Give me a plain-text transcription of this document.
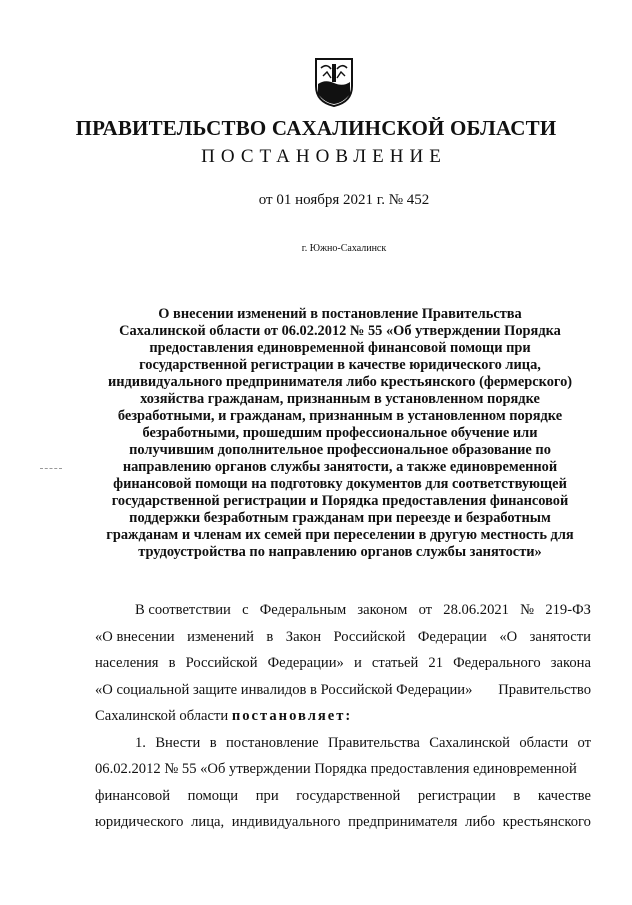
ПРАВИТЕЛЬСТВО САХАЛИНСКОЙ ОБЛАСТИ
ПОСТАНОВЛЕНИЕ
от 01 ноября 2021 г. № 452
г. Южно-Сахалинск
О внесении изменений в постановление Правительства
Сахалинской области от 06.02.2012 № 55 «Об утверждении Порядка
предоставления единовременной финансовой помощи при
государственной регистрации в качестве юридического лица,
индивидуального предпринимателя либо крестьянского (фермерского)
хозяйства гражданам, признанным в установленном порядке
безработными, и гражданам, признанным в установленном порядке
безработными, прошедшим профессиональное обучение или
получившим дополнительное профессиональное образование по
направлению органов службы занятости, а также единовременной
финансовой помощи на подготовку документов для соответствующей
государственной регистрации и Порядка предоставления финансовой
поддержки безработным гражданам при переезде и безработным
гражданам и членам их семей при переселении в другую местность для
трудоустройства по направлению органов службы занятости»
В соответствии с Федеральным законом от 28.06.2021 № 219-ФЗ
«О внесении изменений в Закон Российской Федерации «О занятости
населения в Российской Федерации» и статьей 21 Федерального закона
«О социальной защите инвалидов в Российской Федерации» Правительство
Сахалинской области постановляет:
1. Внести в постановление Правительства Сахалинской области от
06.02.2012 № 55 «Об утверждении Порядка предоставления единовременной
финансовой помощи при государственной регистрации в качестве
юридического лица, индивидуального предпринимателя либо крестьянского
